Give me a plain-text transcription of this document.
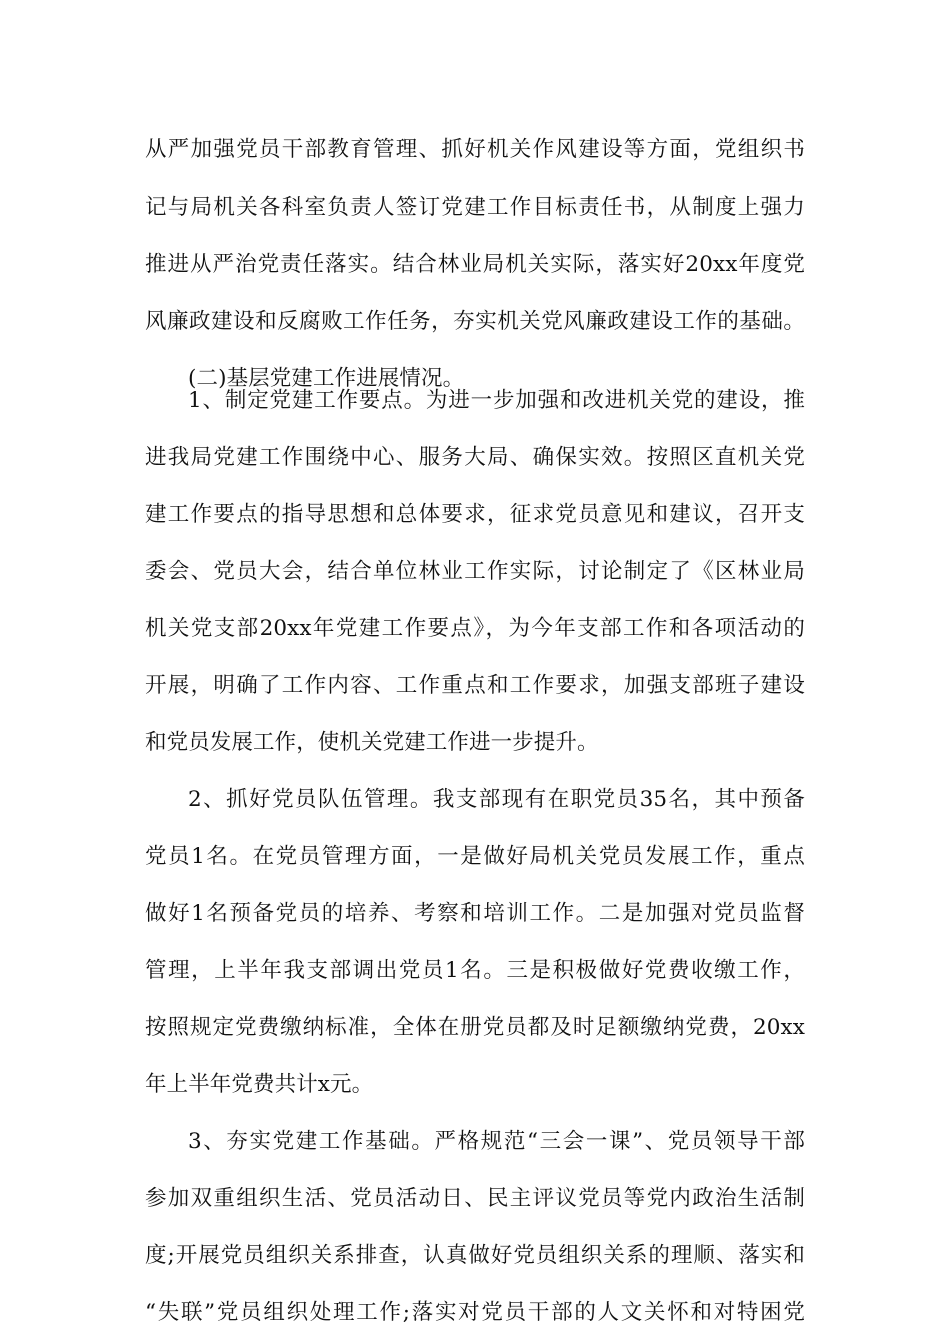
从严加强党员干部教育管理、抓好机关作风建设等方面，党组织书
记与局机关各科室负责人签订党建工作目标责任书，从制度上强力
推进从严治党责任落实。结合林业局机关实际，落实好20xx年度党
风廉政建设和反腐败工作任务，夯实机关党风廉政建设工作的基础。
(二)基层党建工作进展情况。
1、制定党建工作要点。为进一步加强和改进机关党的建设，推
进我局党建工作围绕中心、服务大局、确保实效。按照区直机关党
建工作要点的指导思想和总体要求，征求党员意见和建议，召开支
委会、党员大会，结合单位林业工作实际，讨论制定了《区林业局
机关党支部20xx年党建工作要点》，为今年支部工作和各项活动的
开展，明确了工作内容、工作重点和工作要求，加强支部班子建设
和党员发展工作，使机关党建工作进一步提升。
2、抓好党员队伍管理。我支部现有在职党员35名，其中预备
党员1名。在党员管理方面，一是做好局机关党员发展工作，重点
做好1名预备党员的培养、考察和培训工作。二是加强对党员监督
管理，上半年我支部调出党员1名。三是积极做好党费收缴工作，
按照规定党费缴纳标准，全体在册党员都及时足额缴纳党费，20xx
年上半年党费共计x元。
3、夯实党建工作基础。严格规范“三会一课”、党员领导干部
参加双重组织生活、党员活动日、民主评议党员等党内政治生活制
度;开展党员组织关系排查，认真做好党员组织关系的理顺、落实和
“失联”党员组织处理工作;落实对党员干部的人文关怀和对特困党
